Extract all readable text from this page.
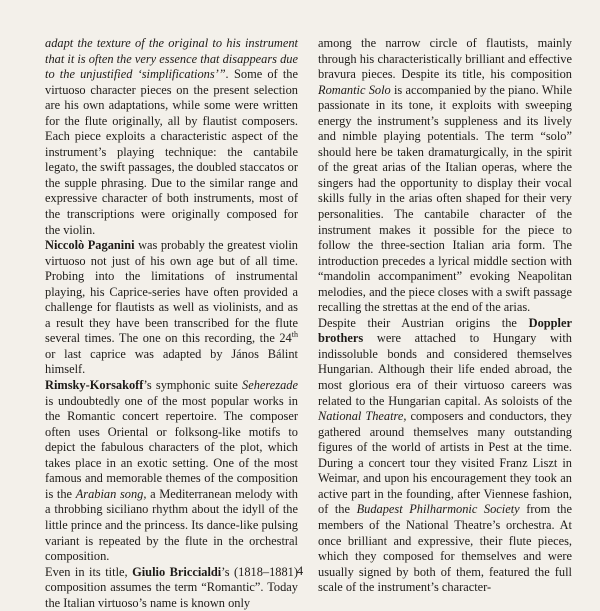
adapt the texture of the original to his instrument that it is often the very essence that disappears due to the unjustified ‘simplifications’”. Some of the virtuoso character pieces on the present selection are his own adaptations, while some were written for the flute originally, all by flautist composers. Each piece exploits a characteristic aspect of the instrument’s playing technique: the cantabile legato, the swift passages, the doubled staccatos or the supple phrasing. Due to the similar range and expressive character of both instruments, most of the transcriptions were originally composed for the violin.

Niccolò Paganini was probably the greatest violin virtuoso not just of his own age but of all time. Probing into the limitations of instrumental playing, his Caprice-series have often provided a challenge for flautists as well as violinists, and as a result they have been transcribed for the flute several times. The one on this recording, the 24th or last caprice was adapted by János Bálint himself.

Rimsky-Korsakoff’s symphonic suite Seherezade is undoubtedly one of the most popular works in the Romantic concert repertoire. The composer often uses Oriental or folksong-like motifs to depict the fabulous characters of the plot, which takes place in an exotic setting. One of the most famous and memorable themes of the composition is the Arabian song, a Mediterranean melody with a throbbing siciliano rhythm about the idyll of the little prince and the princess. Its dance-like pulsing variant is repeated by the flute in the orchestral composition.

Even in its title, Giulio Briccialdi’s (1818–1881) composition assumes the term “Romantic”. Today the Italian virtuoso’s name is known only

among the narrow circle of flautists, mainly through his characteristically brilliant and effective bravura pieces. Despite its title, his composition Romantic Solo is accompanied by the piano. While passionate in its tone, it exploits with sweeping energy the instrument’s suppleness and its lively and nimble playing potentials. The term “solo” should here be taken dramaturgically, in the spirit of the great arias of the Italian operas, where the singers had the opportunity to display their vocal skills fully in the arias often shaped for their very personalities. The cantabile character of the instrument makes it possible for the piece to follow the three-section Italian aria form. The introduction precedes a lyrical middle section with “mandolin accompaniment” evoking Neapolitan melodies, and the piece closes with a swift passage recalling the strettas at the end of the arias.

Despite their Austrian origins the Doppler brothers were attached to Hungary with indissoluble bonds and considered themselves Hungarian. Although their life ended abroad, the most glorious era of their virtuoso careers was related to the Hungarian capital. As soloists of the National Theatre, composers and conductors, they gathered around themselves many outstanding figures of the world of artists in Pest at the time. During a concert tour they visited Franz Liszt in Weimar, and upon his encouragement they took an active part in the founding, after Viennese fashion, of the Budapest Philharmonic Society from the members of the National Theatre’s orchestra. At once brilliant and expressive, their flute pieces, which they composed for themselves and were usually signed by both of them, featured the full scale of the instrument’s character-

4
